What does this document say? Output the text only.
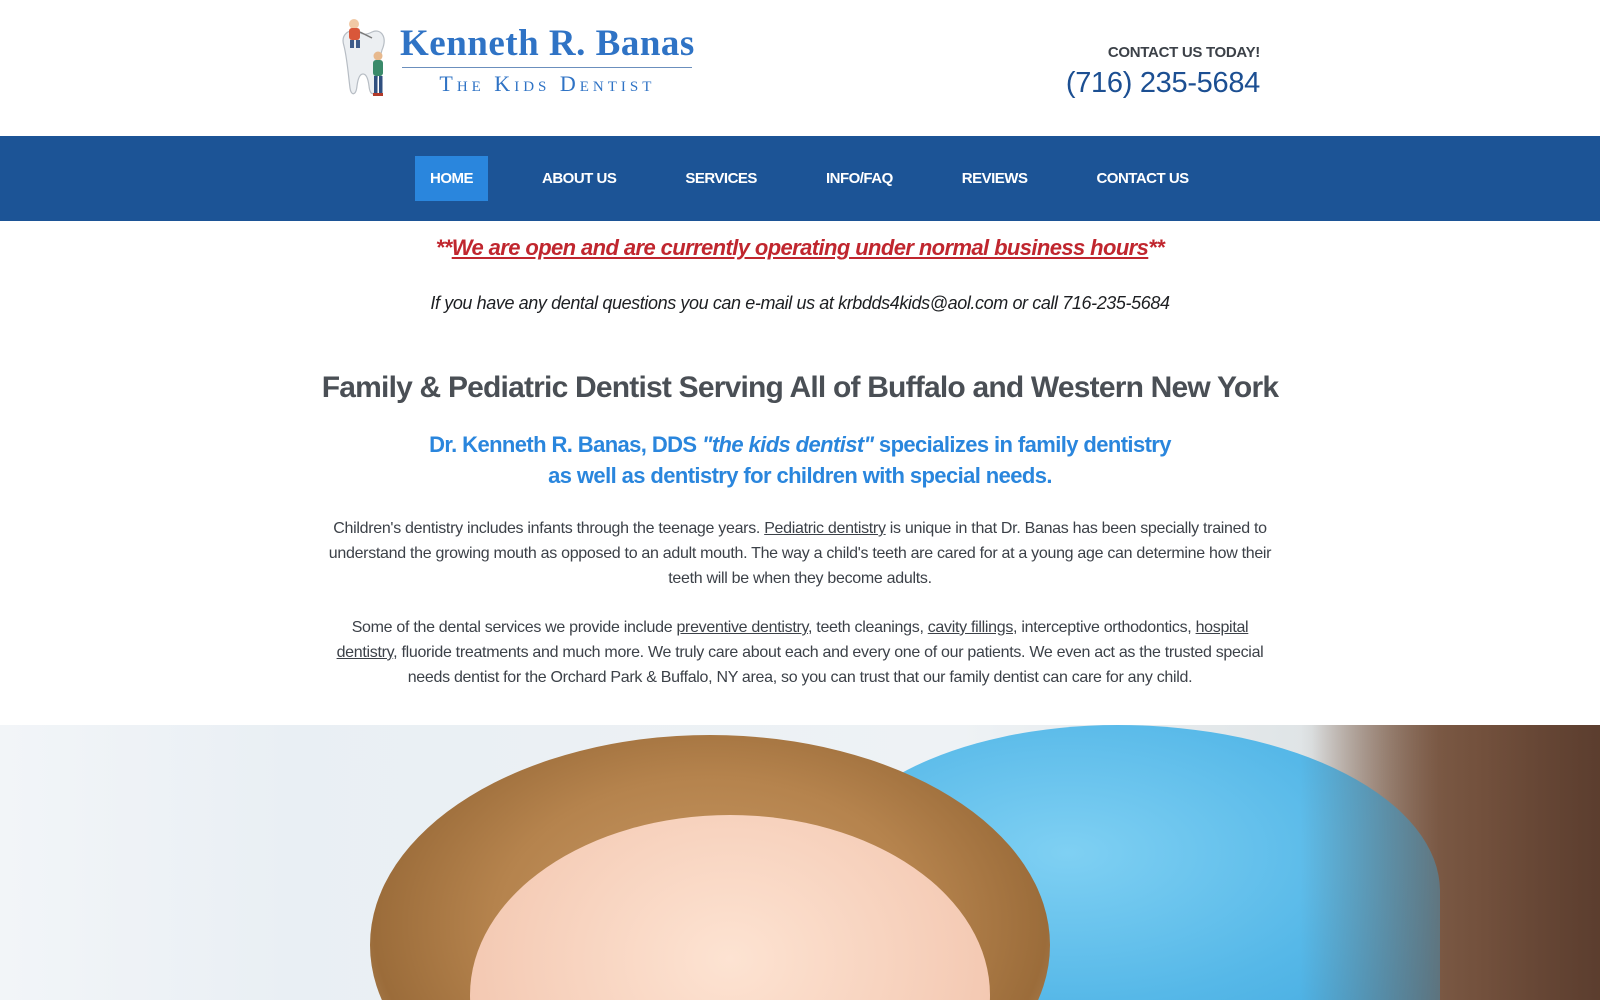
Kenneth R. Banas
The Kids Dentist
CONTACT US TODAY!
(716) 235-5684
HOME	ABOUT US	SERVICES	INFO/FAQ	REVIEWS	CONTACT US
**We are open and are currently operating under normal business hours**
If you have any dental questions you can e-mail us at krbdds4kids@aol.com or call 716-235-5684
Family & Pediatric Dentist Serving All of Buffalo and Western New York
Dr. Kenneth R. Banas, DDS "the kids dentist" specializes in family dentistry
as well as dentistry for children with special needs.

Children's dentistry includes infants through the teenage years. Pediatric dentistry is unique in that Dr. Banas has been specially trained to understand the growing mouth as opposed to an adult mouth. The way a child's teeth are cared for at a young age can determine how their teeth will be when they become adults.

Some of the dental services we provide include preventive dentistry, teeth cleanings, cavity fillings, interceptive orthodontics, hospital dentistry, fluoride treatments and much more. We truly care about each and every one of our patients. We even act as the trusted special needs dentist for the Orchard Park & Buffalo, NY area, so you can trust that our family dentist can care for any child.
